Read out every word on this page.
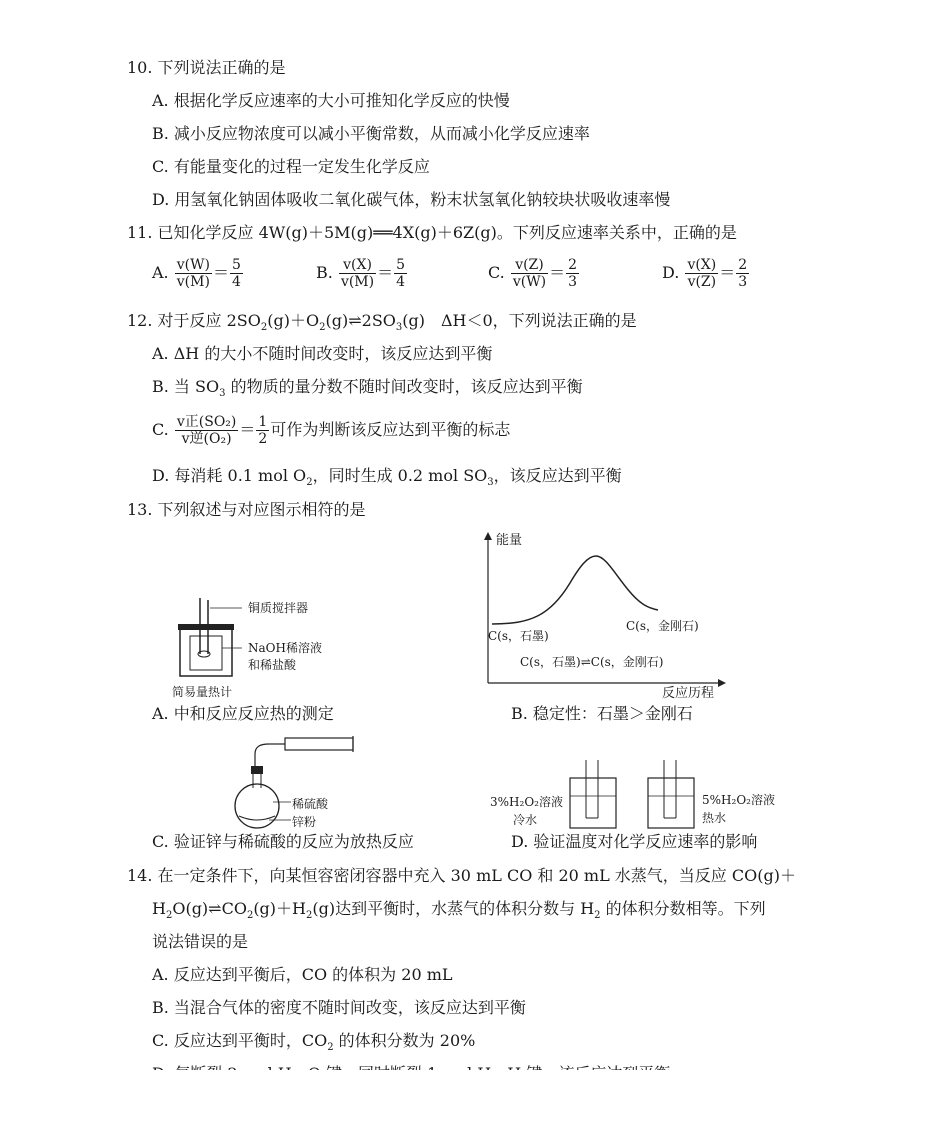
10. 下列说法正确的是
A. 根据化学反应速率的大小可推知化学反应的快慢
B. 减小反应物浓度可以减小平衡常数，从而减小化学反应速率
C. 有能量变化的过程一定发生化学反应
D. 用氢氧化钠固体吸收二氧化碳气体，粉末状氢氧化钠较块状吸收速率慢
11. 已知化学反应 4W(g)＋5M(g)══4X(g)＋6Z(g)。下列反应速率关系中，正确的是
A. $\frac{v(W)}{v(M)} = \frac{5}{4}$	B. $\frac{v(X)}{v(M)} = \frac{5}{4}$	C. $\frac{v(Z)}{v(W)} = \frac{2}{3}$	D. $\frac{v(X)}{v(Z)} = \frac{2}{3}$
12. 对于反应 $2SO_2(g)+O_2(g)\rightleftharpoons 2SO_3(g)$　ΔH＜0，下列说法正确的是
A. ΔH 的大小不随时间改变时，该反应达到平衡
B. 当 $SO_3$ 的物质的量分数不随时间改变时，该反应达到平衡
C. $\frac{\text{v正(SO₂)}}{\text{v逆(O₂)}} = \frac{1}{2}$ 可作为判断该反应达到平衡的标志
D. 每消耗 0.1 mol $O_2$，同时生成 0.2 mol $SO_3$，该反应达到平衡
13. 下列叙述与对应图示相符的是
铜质搅拌器
NaOH稀溶液
和稀盐酸
简易量热计
A. 中和反应反应热的测定
能量
反应历程
C(s，石墨)
C(s，金刚石)
C(s，石墨)⇌C(s，金刚石)
B. 稳定性：石墨＞金刚石
稀硫酸
锌粉
C. 验证锌与稀硫酸的反应为放热反应
3%H₂O₂溶液
冷水
5%H₂O₂溶液
热水
D. 验证温度对化学反应速率的影响
14. 在一定条件下，向某恒容密闭容器中充入 30 mL CO 和 20 mL 水蒸气，当反应 CO(g)＋
$H_2O(g)\rightleftharpoons CO_2(g)+H_2(g)$达到平衡时，水蒸气的体积分数与 $H_2$ 的体积分数相等。下列
说法错误的是
A. 反应达到平衡后，CO 的体积为 20 mL
B. 当混合气体的密度不随时间改变，该反应达到平衡
C. 反应达到平衡时，$CO_2$ 的体积分数为 20%
